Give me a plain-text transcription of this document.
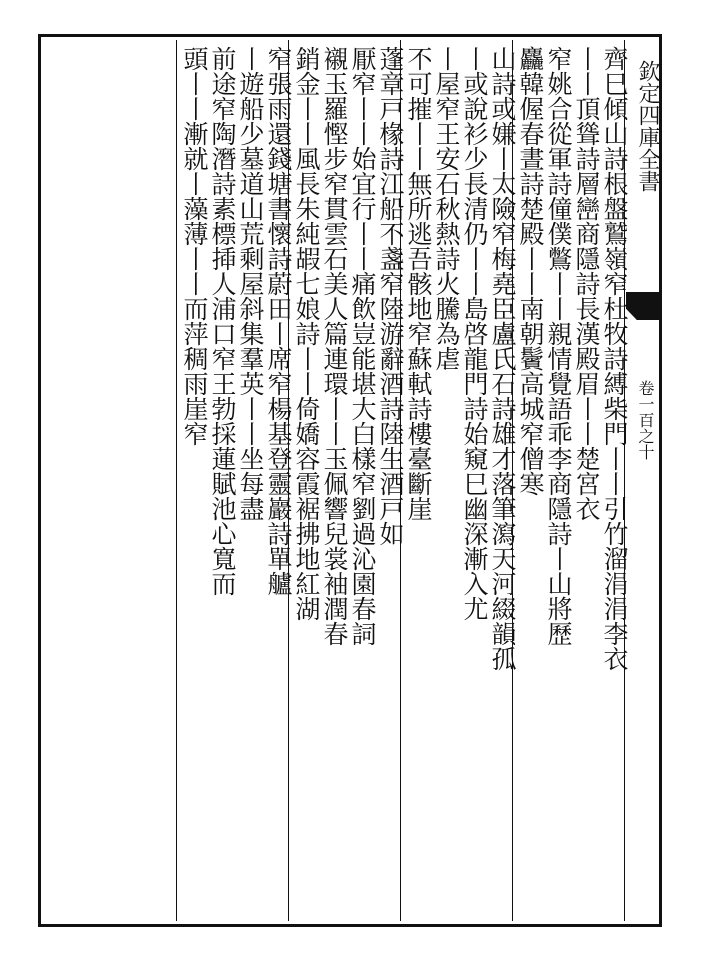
欽定四庫全書
卷一百之十
齊巳傾山詩根盤鷲嶺窄杜牧詩縛柴門丨丨引竹溜涓涓李衣
丨丨頂聳詩層巒商隱詩長漢殿眉丨丨楚宮衣
窄姚合從軍詩僮僕鷩丨丨親情覺語乖李商隱詩丨山將歷
麤韓偓春晝詩楚殿丨丨南朝鬢高城窄僧寒
山詩或嫌丨太險窄梅堯臣盧氏石詩雄才落筆瀉天河綴韻孤
丨或說衫少長清仍丨丨島啓龍門詩始窺巳幽深漸入尤
丨屋窄王安石秋熱詩火騰為虐
不可摧丨丨無所逃吾骸地窄蘇軾詩樓臺斷崖
蓬章戸椽詩江船不盞窄陸游辭酒詩陸生酒戸如
厭窄丨丨始宜行丨丨痛飲豈能堪大白樣窄劉過沁園春詞
襯玉羅慳步窄貫雲石美人篇連環丨丨玉佩響兒裳袖潤春
銷金丨丨風長朱純嘏七娘詩丨丨倚嬌容霞裾拂地紅湖
窄張雨還錢塘書懷詩蔚田丨席窄楊基登靈巖詩單艫
丨遊船少墓道山荒剩屋斜集羣英丨丨坐每盡
前途窄陶潛詩素標揷人浦口窄王勃採蓮賦池心寬而
頭丨丨漸就丨藻薄丨丨而萍稠雨崖窄
